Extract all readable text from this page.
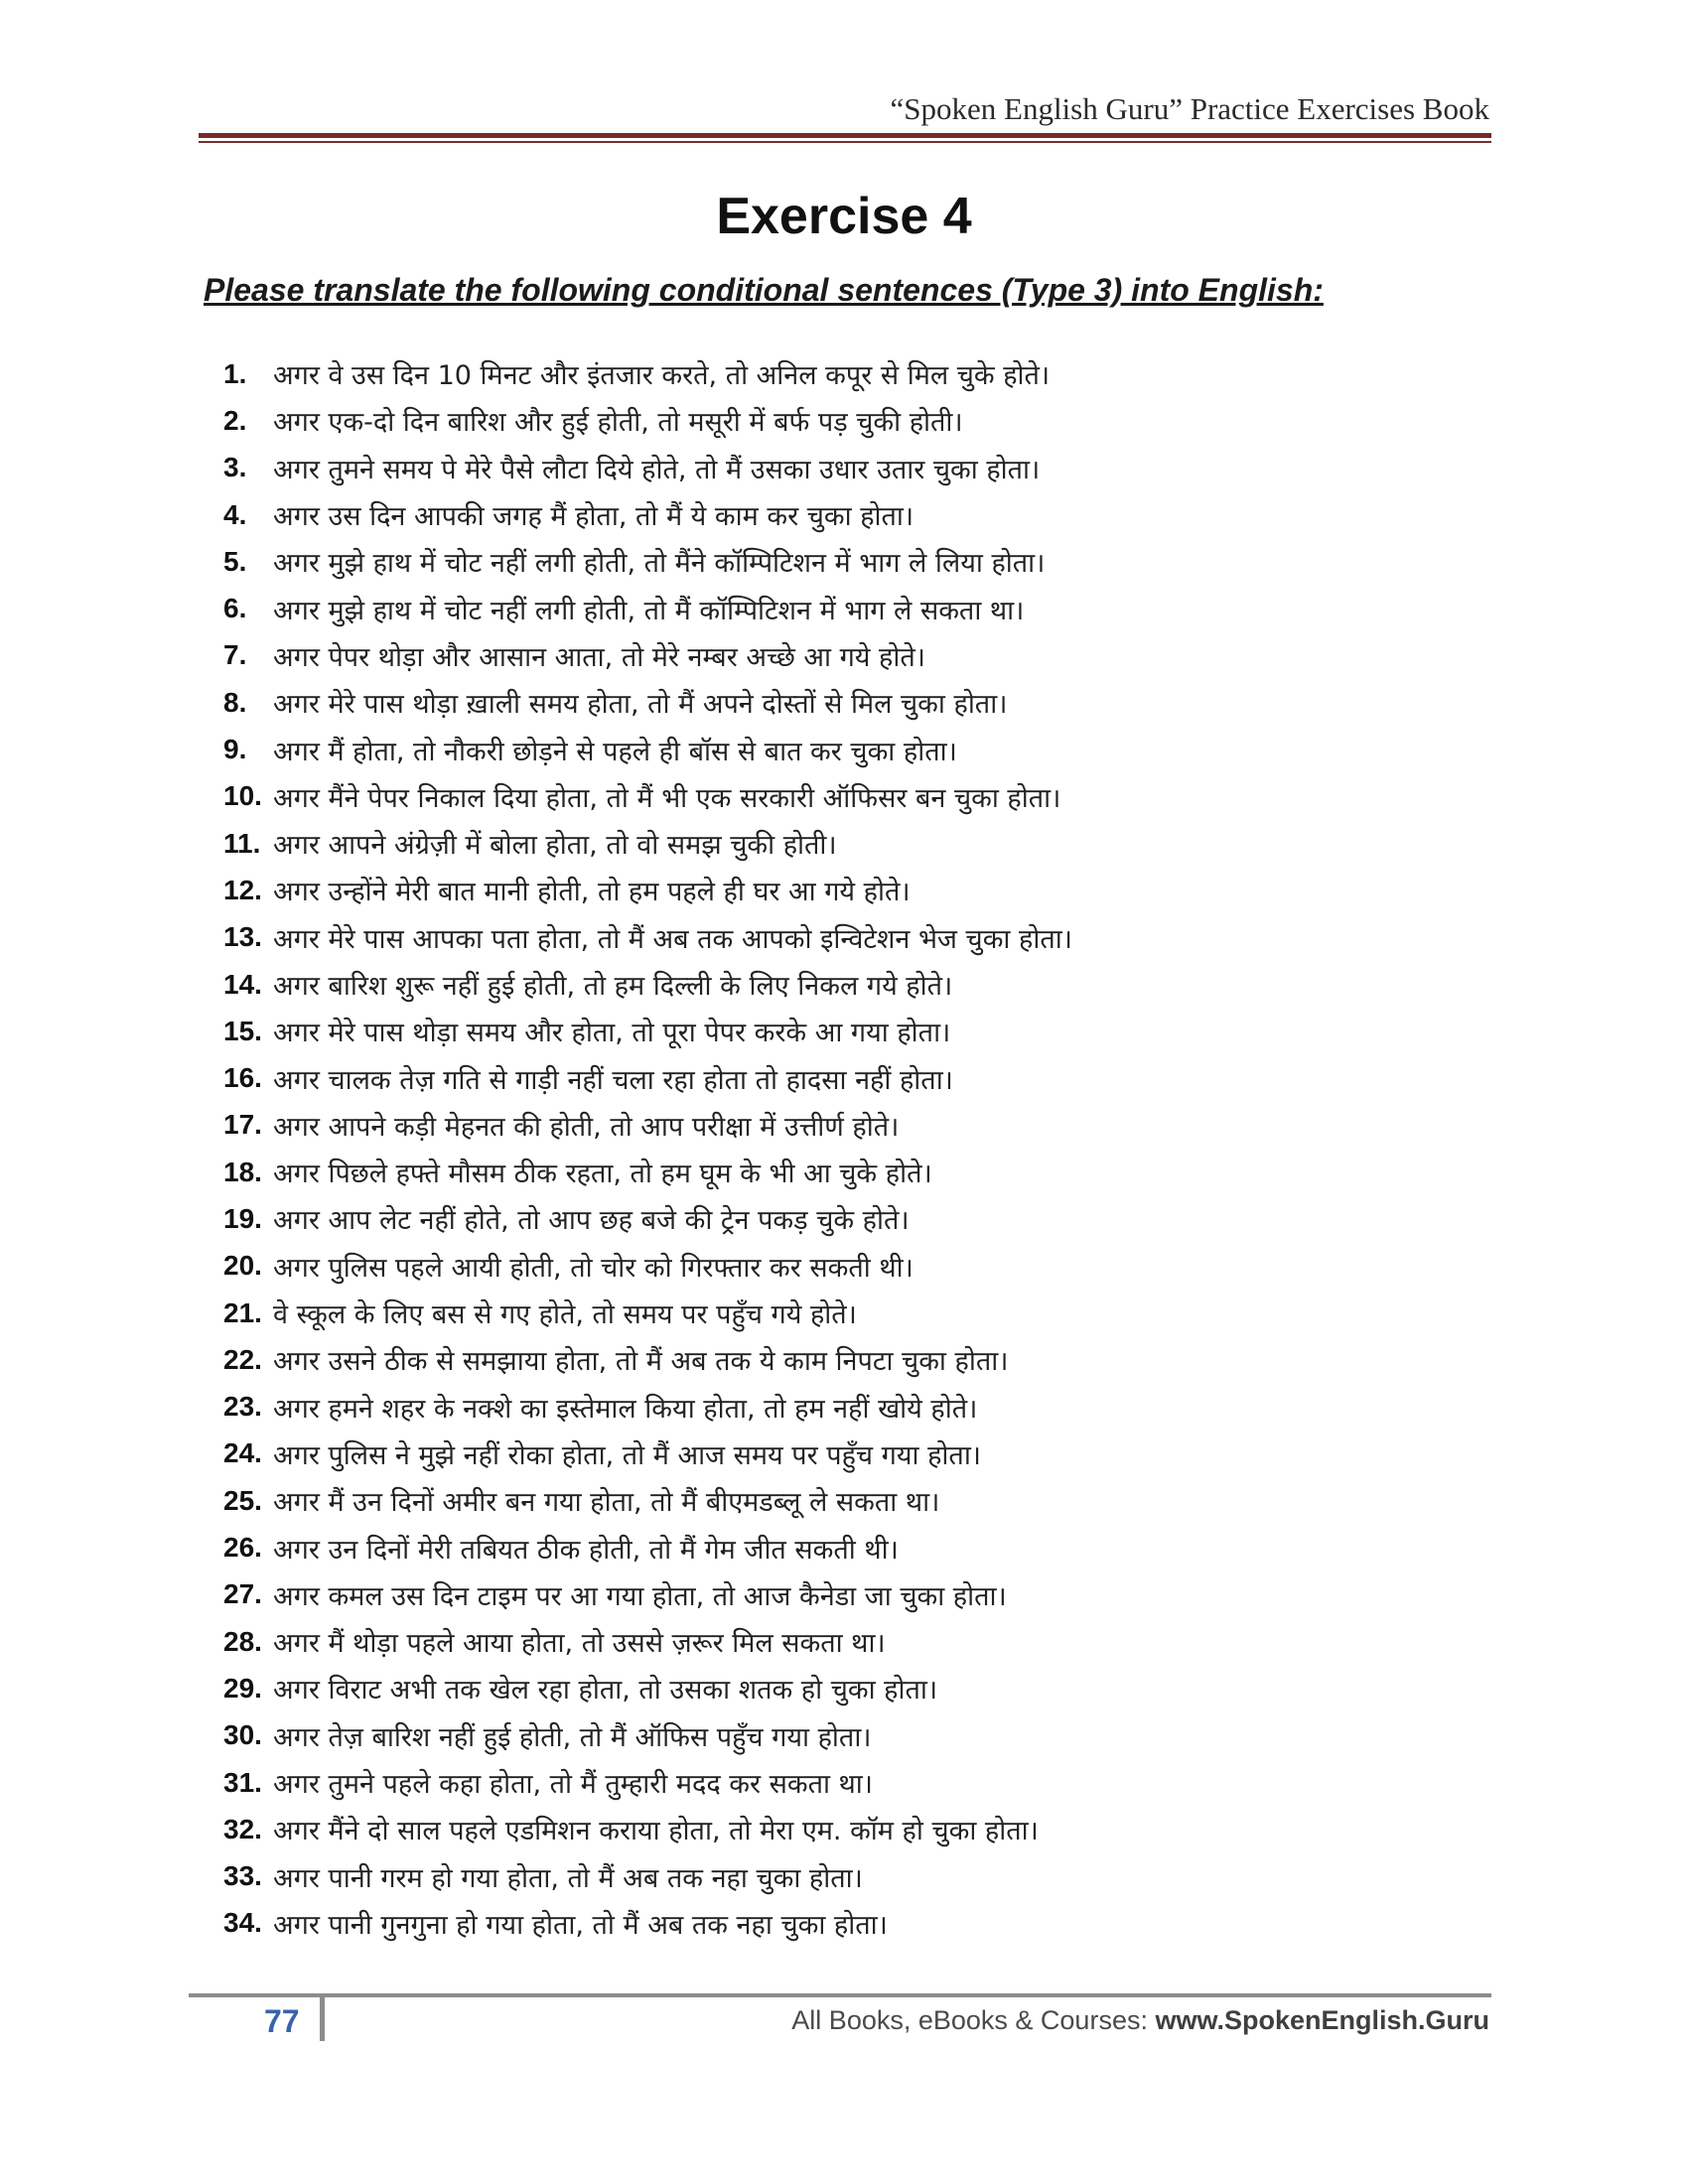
“Spoken English Guru” Practice Exercises Book
Exercise 4
Please translate the following conditional sentences (Type 3) into English:
1. अगर वे उस दिन 10 मिनट और इंतजार करते, तो अनिल कपूर से मिल चुके होते।
2. अगर एक-दो दिन बारिश और हुई होती, तो मसूरी में बर्फ पड़ चुकी होती।
3. अगर तुमने समय पे मेरे पैसे लौटा दिये होते, तो मैं उसका उधार उतार चुका होता।
4. अगर उस दिन आपकी जगह मैं होता, तो मैं ये काम कर चुका होता।
5. अगर मुझे हाथ में चोट नहीं लगी होती, तो मैंने कॉम्पिटिशन में भाग ले लिया होता।
6. अगर मुझे हाथ में चोट नहीं लगी होती, तो मैं कॉम्पिटिशन में भाग ले सकता था।
7. अगर पेपर थोड़ा और आसान आता, तो मेरे नम्बर अच्छे आ गये होते।
8. अगर मेरे पास थोड़ा ख़ाली समय होता, तो मैं अपने दोस्तों से मिल चुका होता।
9. अगर मैं होता, तो नौकरी छोड़ने से पहले ही बॉस से बात कर चुका होता।
10. अगर मैंने पेपर निकाल दिया होता, तो मैं भी एक सरकारी ऑफिसर बन चुका होता।
11. अगर आपने अंग्रेज़ी में बोला होता, तो वो समझ चुकी होती।
12. अगर उन्होंने मेरी बात मानी होती, तो हम पहले ही घर आ गये होते।
13. अगर मेरे पास आपका पता होता, तो मैं अब तक आपको इन्विटेशन भेज चुका होता।
14. अगर बारिश शुरू नहीं हुई होती, तो हम दिल्ली के लिए निकल गये होते।
15. अगर मेरे पास थोड़ा समय और होता, तो पूरा पेपर करके आ गया होता।
16. अगर चालक तेज़ गति से गाड़ी नहीं चला रहा होता तो हादसा नहीं होता।
17. अगर आपने कड़ी मेहनत की होती, तो आप परीक्षा में उत्तीर्ण होते।
18. अगर पिछले हफ्ते मौसम ठीक रहता, तो हम घूम के भी आ चुके होते।
19. अगर आप लेट नहीं होते, तो आप छह बजे की ट्रेन पकड़ चुके होते।
20. अगर पुलिस पहले आयी होती, तो चोर को गिरफ्तार कर सकती थी।
21. वे स्कूल के लिए बस से गए होते, तो समय पर पहुँच गये होते।
22. अगर उसने ठीक से समझाया होता, तो मैं अब तक ये काम निपटा चुका होता।
23. अगर हमने शहर के नक्शे का इस्तेमाल किया होता, तो हम नहीं खोये होते।
24. अगर पुलिस ने मुझे नहीं रोका होता, तो मैं आज समय पर पहुँच गया होता।
25. अगर मैं उन दिनों अमीर बन गया होता, तो मैं बीएमडब्लू ले सकता था।
26. अगर उन दिनों मेरी तबियत ठीक होती, तो मैं गेम जीत सकती थी।
27. अगर कमल उस दिन टाइम पर आ गया होता, तो आज कैनेडा जा चुका होता।
28. अगर मैं थोड़ा पहले आया होता, तो उससे ज़रूर मिल सकता था।
29. अगर विराट अभी तक खेल रहा होता, तो उसका शतक हो चुका होता।
30. अगर तेज़ बारिश नहीं हुई होती, तो मैं ऑफिस पहुँच गया होता।
31. अगर तुमने पहले कहा होता, तो मैं तुम्हारी मदद कर सकता था।
32. अगर मैंने दो साल पहले एडमिशन कराया होता, तो मेरा एम. कॉम हो चुका होता।
33. अगर पानी गरम हो गया होता, तो मैं अब तक नहा चुका होता।
34. अगर पानी गुनगुना हो गया होता, तो मैं अब तक नहा चुका होता।
77	All Books, eBooks & Courses: www.SpokenEnglish.Guru
